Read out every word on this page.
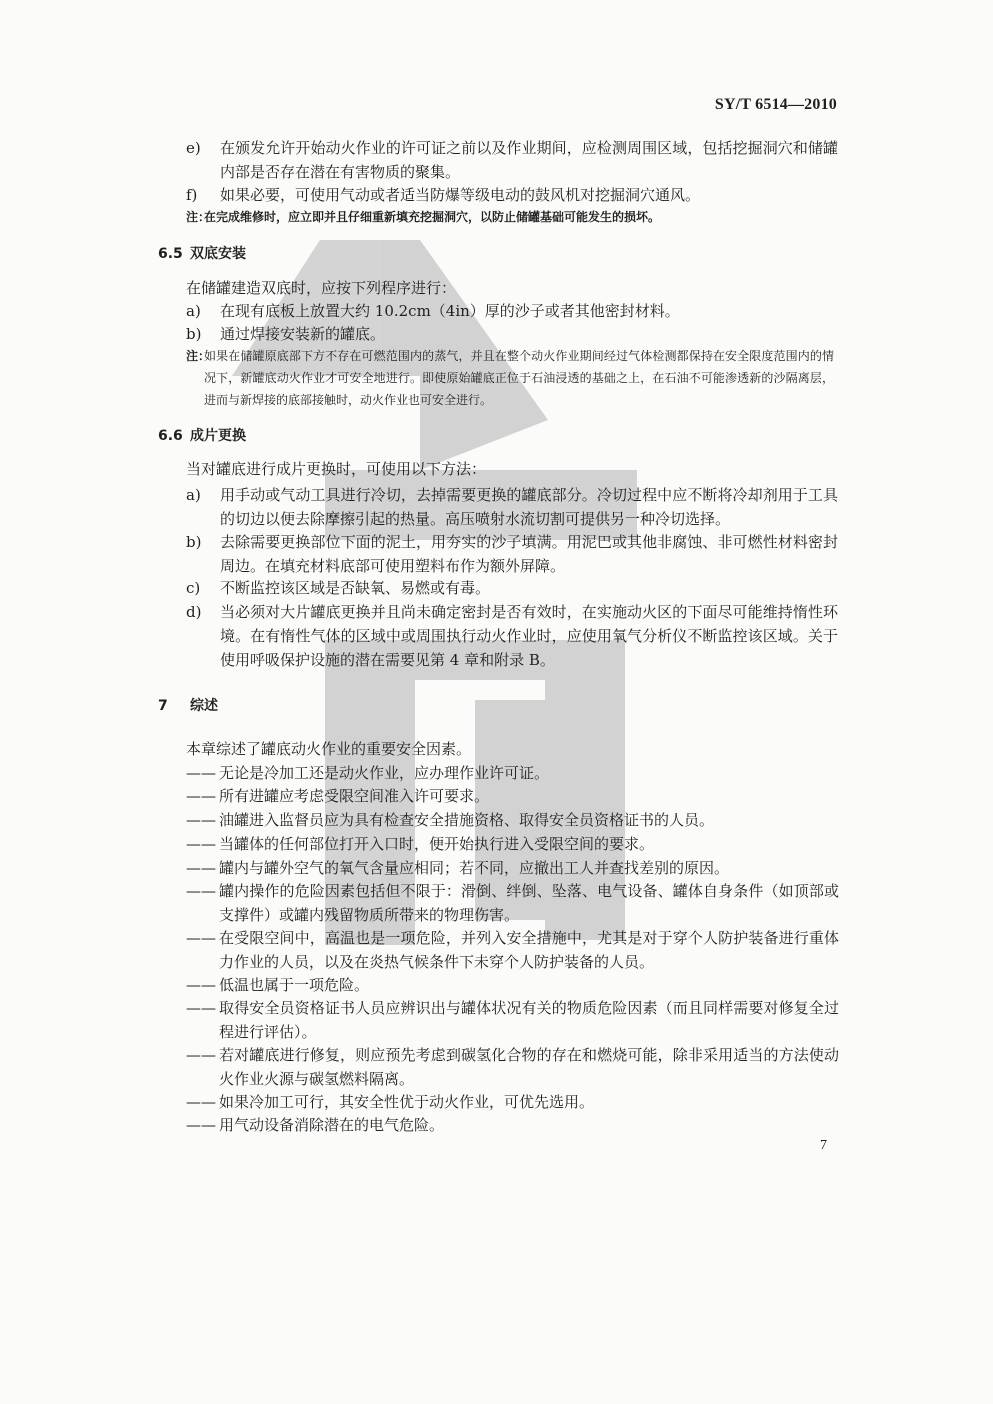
SY/T 6514—2010
e)	在颁发允许开始动火作业的许可证之前以及作业期间，应检测周围区域，包括挖掘洞穴和储罐内部是否存在潜在有害物质的聚集。
f)	如果必要，可使用气动或者适当防爆等级电动的鼓风机对挖掘洞穴通风。
注：
在完成维修时，应立即并且仔细重新填充挖掘洞穴，以防止储罐基础可能发生的损坏。
6.5 双底安装
在储罐建造双底时，应按下列程序进行：
a)	在现有底板上放置大约 10.2cm（4in）厚的沙子或者其他密封材料。
b)	通过焊接安装新的罐底。
注：
如果在储罐原底部下方不存在可燃范围内的蒸气，并且在整个动火作业期间经过气体检测都保持在安全限度范围内的情况下，新罐底动火作业才可安全地进行。即使原始罐底正位于石油浸透的基础之上，在石油不可能渗透新的沙隔离层，进而与新焊接的底部接触时，动火作业也可安全进行。
6.6 成片更换
当对罐底进行成片更换时，可使用以下方法：
a)	用手动或气动工具进行冷切，去掉需要更换的罐底部分。冷切过程中应不断将冷却剂用于工具的切边以便去除摩擦引起的热量。高压喷射水流切割可提供另一种冷切选择。
b)	去除需要更换部位下面的泥土，用夯实的沙子填满。用泥巴或其他非腐蚀、非可燃性材料密封周边。在填充材料底部可使用塑料布作为额外屏障。
c)	不断监控该区域是否缺氧、易燃或有毒。
d)	当必须对大片罐底更换并且尚未确定密封是否有效时，在实施动火区的下面尽可能维持惰性环境。在有惰性气体的区域中或周围执行动火作业时，应使用氧气分析仪不断监控该区域。关于使用呼吸保护设施的潜在需要见第 4 章和附录 B。
7 综述
本章综述了罐底动火作业的重要安全因素。
—— 无论是冷加工还是动火作业，应办理作业许可证。
—— 所有进罐应考虑受限空间准入许可要求。
—— 油罐进入监督员应为具有检查安全措施资格、取得安全员资格证书的人员。
—— 当罐体的任何部位打开入口时，便开始执行进入受限空间的要求。
—— 罐内与罐外空气的氧气含量应相同；若不同，应撤出工人并查找差别的原因。
—— 罐内操作的危险因素包括但不限于：滑倒、绊倒、坠落、电气设备、罐体自身条件（如顶部或支撑件）或罐内残留物质所带来的物理伤害。
—— 在受限空间中，高温也是一项危险，并列入安全措施中，尤其是对于穿个人防护装备进行重体力作业的人员，以及在炎热气候条件下未穿个人防护装备的人员。
—— 低温也属于一项危险。
—— 取得安全员资格证书人员应辨识出与罐体状况有关的物质危险因素（而且同样需要对修复全过程进行评估）。
—— 若对罐底进行修复，则应预先考虑到碳氢化合物的存在和燃烧可能，除非采用适当的方法使动火作业火源与碳氢燃料隔离。
—— 如果冷加工可行，其安全性优于动火作业，可优先选用。
—— 用气动设备消除潜在的电气危险。
7
